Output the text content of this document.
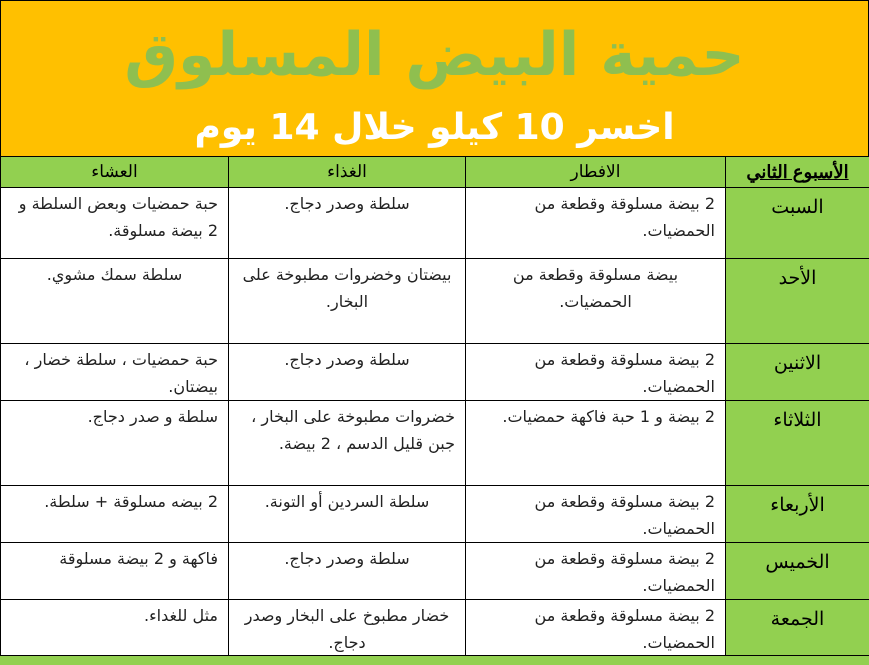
حمية البيض المسلوق
اخسر 10 كيلو خلال 14 يوم
الأسبوع الثاني	الافطار	الغذاء	العشاء
السبت	2 بيضة مسلوقة وقطعة من الحمضيات.	سلطة وصدر دجاج.	حبة حمضيات وبعض السلطة و 2 بيضة مسلوقة.
الأحد	بيضة مسلوقة وقطعة من الحمضيات.	بيضتان وخضروات مطبوخة على البخار.	سلطة سمك مشوي.
الاثنين	2 بيضة مسلوقة وقطعة من الحمضيات.	سلطة وصدر دجاج.	حبة حمضيات ، سلطة خضار ، بيضتان.
الثلاثاء	2 بيضة و 1 حبة فاكهة حمضيات.	خضروات مطبوخة على البخار ، جبن قليل الدسم ، 2 بيضة.	سلطة و صدر دجاج.
الأربعاء	2 بيضة مسلوقة وقطعة من الحمضيات.	سلطة السردين أو التونة.	2 بيضه مسلوقة + سلطة.
الخميس	2 بيضة مسلوقة وقطعة من الحمضيات.	سلطة وصدر دجاج.	فاكهة و 2 بيضة مسلوقة
الجمعة	2 بيضة مسلوقة وقطعة من الحمضيات.	خضار مطبوخ على البخار وصدر دجاج.	مثل للغداء.
